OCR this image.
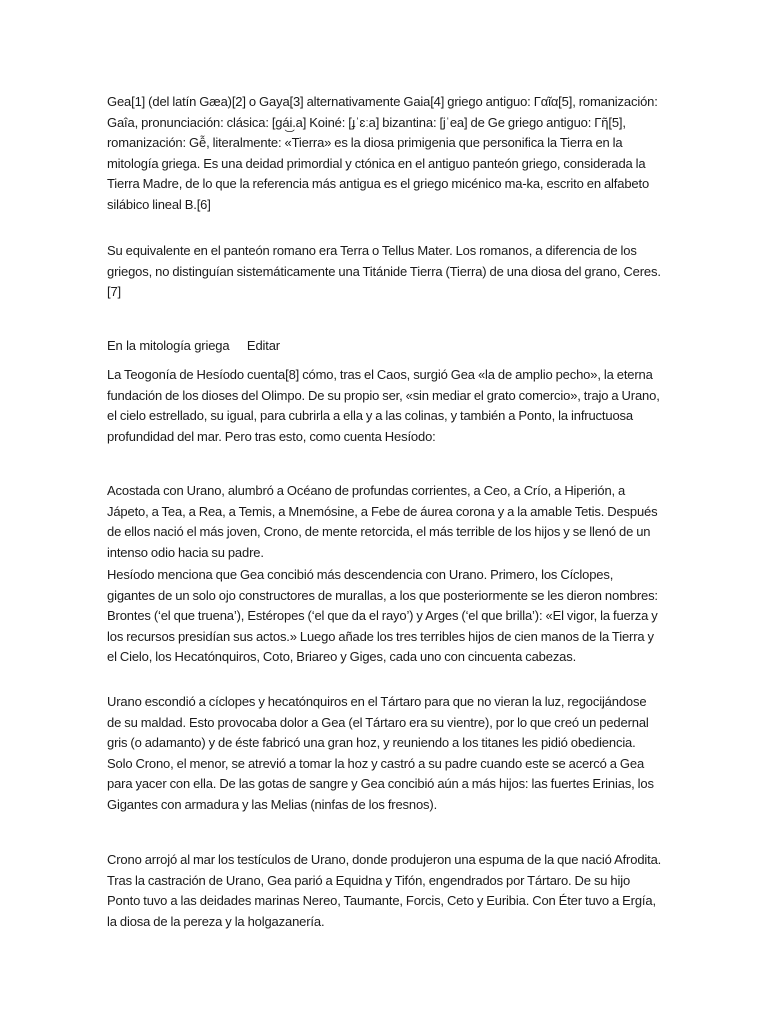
Gea[1] (del latín Gæa)[2] o Gaya[3] alternativamente Gaia[4] griego antiguo: Γαῖα[5], romanización: Gaîa, pronunciación: clásica: [ɡá͜i.a] Koiné: [ɟˈɛːa] bizantina: [jˈea] de Ge griego antiguo: Γῆ[5], romanización: Gễ, literalmente: «Tierra» es la diosa primigenia que personifica la Tierra en la mitología griega. Es una deidad primordial y ctónica en el antiguo panteón griego, considerada la Tierra Madre, de lo que la referencia más antigua es el griego micénico ma-ka, escrito en alfabeto silábico lineal B.[6]

Su equivalente en el panteón romano era Terra o Tellus Mater. Los romanos, a diferencia de los griegos, no distinguían sistemáticamente una Titánide Tierra (Tierra) de una diosa del grano, Ceres.[7]

En la mitología griega Editar

La Teogonía de Hesíodo cuenta[8] cómo, tras el Caos, surgió Gea «la de amplio pecho», la eterna fundación de los dioses del Olimpo. De su propio ser, «sin mediar el grato comercio», trajo a Urano, el cielo estrellado, su igual, para cubrirla a ella y a las colinas, y también a Ponto, la infructuosa profundidad del mar. Pero tras esto, como cuenta Hesíodo:

Acostada con Urano, alumbró a Océano de profundas corrientes, a Ceo, a Crío, a Hiperión, a Jápeto, a Tea, a Rea, a Temis, a Mnemósine, a Febe de áurea corona y a la amable Tetis. Después de ellos nació el más joven, Crono, de mente retorcida, el más terrible de los hijos y se llenó de un intenso odio hacia su padre.

Hesíodo menciona que Gea concibió más descendencia con Urano. Primero, los Cíclopes, gigantes de un solo ojo constructores de murallas, a los que posteriormente se les dieron nombres: Brontes (‘el que truena’), Estéropes (‘el que da el rayo’) y Arges (‘el que brilla’): «El vigor, la fuerza y los recursos presidían sus actos.» Luego añade los tres terribles hijos de cien manos de la Tierra y el Cielo, los Hecatónquiros, Coto, Briareo y Giges, cada uno con cincuenta cabezas.

Urano escondió a cíclopes y hecatónquiros en el Tártaro para que no vieran la luz, regocijándose de su maldad. Esto provocaba dolor a Gea (el Tártaro era su vientre), por lo que creó un pedernal gris (o adamanto) y de éste fabricó una gran hoz, y reuniendo a los titanes les pidió obediencia. Solo Crono, el menor, se atrevió a tomar la hoz y castró a su padre cuando este se acercó a Gea para yacer con ella. De las gotas de sangre y Gea concibió aún a más hijos: las fuertes Erinias, los Gigantes con armadura y las Melias (ninfas de los fresnos).

Crono arrojó al mar los testículos de Urano, donde produjeron una espuma de la que nació Afrodita. Tras la castración de Urano, Gea parió a Equidna y Tifón, engendrados por Tártaro. De su hijo Ponto tuvo a las deidades marinas Nereo, Taumante, Forcis, Ceto y Euribia. Con Éter tuvo a Ergía, la diosa de la pereza y la holgazanería.
